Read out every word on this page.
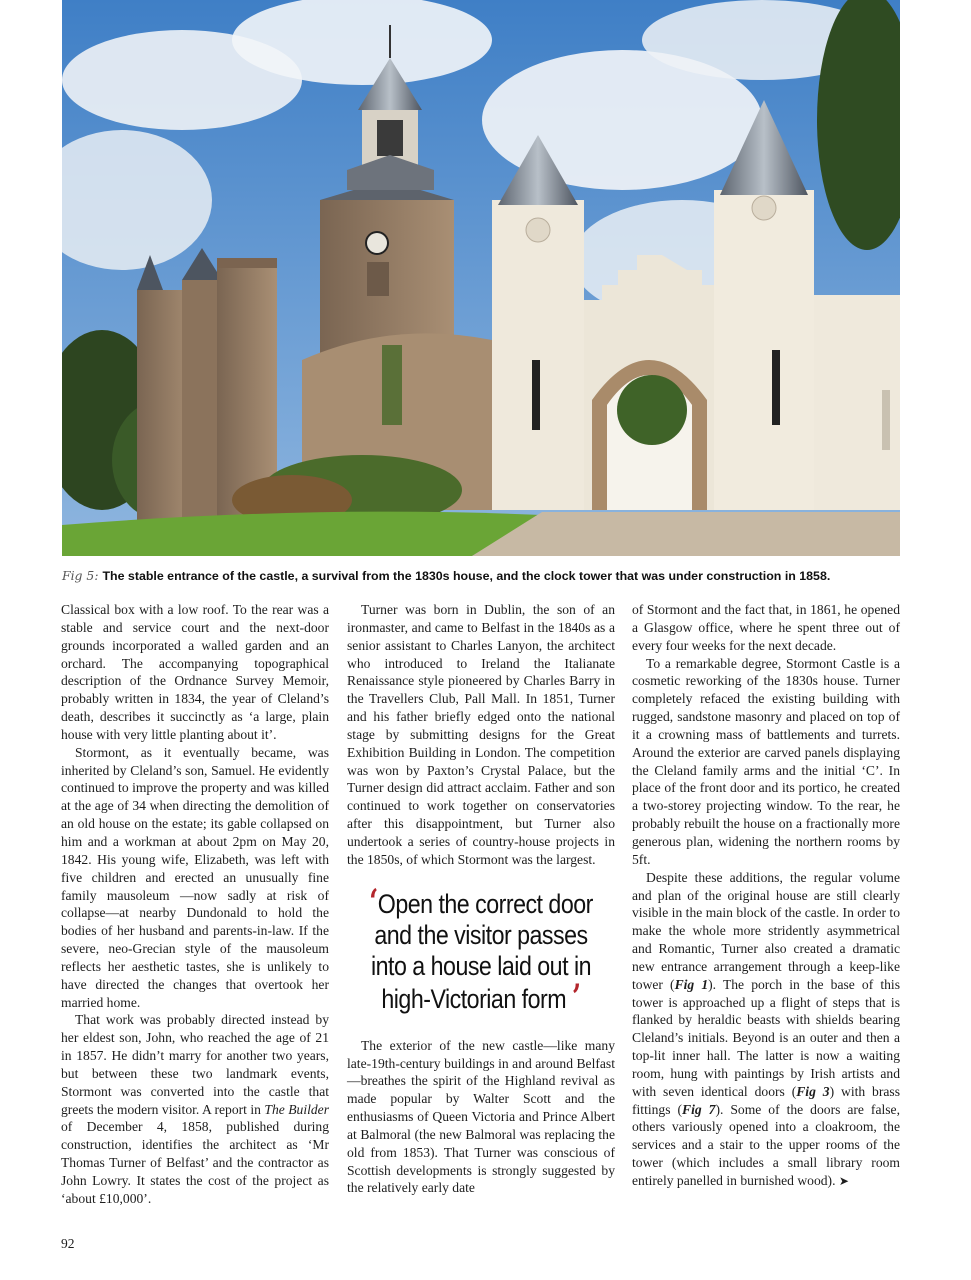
Fig 5: The stable entrance of the castle, a survival from the 1830s house, and the clock tower that was under construction in 1858.

Classical box with a low roof. To the rear was a stable and service court and the next-door grounds incorporated a walled garden and an orchard. The accompanying topographical description of the Ordnance Survey Memoir, probably written in 1834, the year of Cleland’s death, describes it succinctly as ‘a large, plain house with very little planting about it’.

Stormont, as it eventually became, was inherited by Cleland’s son, Samuel. He evidently continued to improve the property and was killed at the age of 34 when directing the demolition of an old house on the estate; its gable collapsed on him and a workman at about 2pm on May 20, 1842. His young wife, Elizabeth, was left with five children and erected an unusually fine family mausoleum —now sadly at risk of collapse—at nearby Dundonald to hold the bodies of her husband and parents-in-law. If the severe, neo-Grecian style of the mausoleum reflects her aesthetic tastes, she is unlikely to have directed the changes that overtook her married home.

That work was probably directed instead by her eldest son, John, who reached the age of 21 in 1857. He didn’t marry for another two years, but between these two landmark events, Stormont was converted into the castle that greets the modern visitor. A report in The Builder of December 4, 1858, published during construction, identifies the architect as ‘Mr Thomas Turner of Belfast’ and the contractor as John Lowry. It states the cost of the project as ‘about £10,000’.

Turner was born in Dublin, the son of an ironmaster, and came to Belfast in the 1840s as a senior assistant to Charles Lanyon, the architect who introduced to Ireland the Italianate Renaissance style pioneered by Charles Barry in the Travellers Club, Pall Mall. In 1851, Turner and his father briefly edged onto the national stage by submitting designs for the Great Exhibition Building in London. The competition was won by Paxton’s Crystal Palace, but the Turner design did attract acclaim. Father and son continued to work together on conservatories after this disappointment, but Turner also undertook a series of country-house projects in the 1850s, of which Stormont was the largest.

‘Open the correct door and the visitor passes into a house laid out in high-Victorian form ’

The exterior of the new castle—like many late-19th-century buildings in and around Belfast—breathes the spirit of the Highland revival as made popular by Walter Scott and the enthusiasms of Queen Victoria and Prince Albert at Balmoral (the new Balmoral was replacing the old from 1853). That Turner was conscious of Scottish developments is strongly suggested by the relatively early date

of Stormont and the fact that, in 1861, he opened a Glasgow office, where he spent three out of every four weeks for the next decade.

To a remarkable degree, Stormont Castle is a cosmetic reworking of the 1830s house. Turner completely refaced the existing building with rugged, sandstone masonry and placed on top of it a crowning mass of battlements and turrets. Around the exterior are carved panels displaying the Cleland family arms and the initial ‘C’. In place of the front door and its portico, he created a two-storey projecting window. To the rear, he probably rebuilt the house on a fractionally more generous plan, widening the northern rooms by 5ft.

Despite these additions, the regular volume and plan of the original house are still clearly visible in the main block of the castle. In order to make the whole more stridently asymmetrical and Romantic, Turner also created a dramatic new entrance arrangement through a keep-like tower (Fig 1). The porch in the base of this tower is approached up a flight of steps that is flanked by heraldic beasts with shields bearing Cleland’s initials. Beyond is an outer and then a top-lit inner hall. The latter is now a waiting room, hung with paintings by Irish artists and with seven identical doors (Fig 3) with brass fittings (Fig 7). Some of the doors are false, others variously opened into a cloakroom, the services and a stair to the upper rooms of the tower (which includes a small library room entirely panelled in burnished wood). ➤

92
